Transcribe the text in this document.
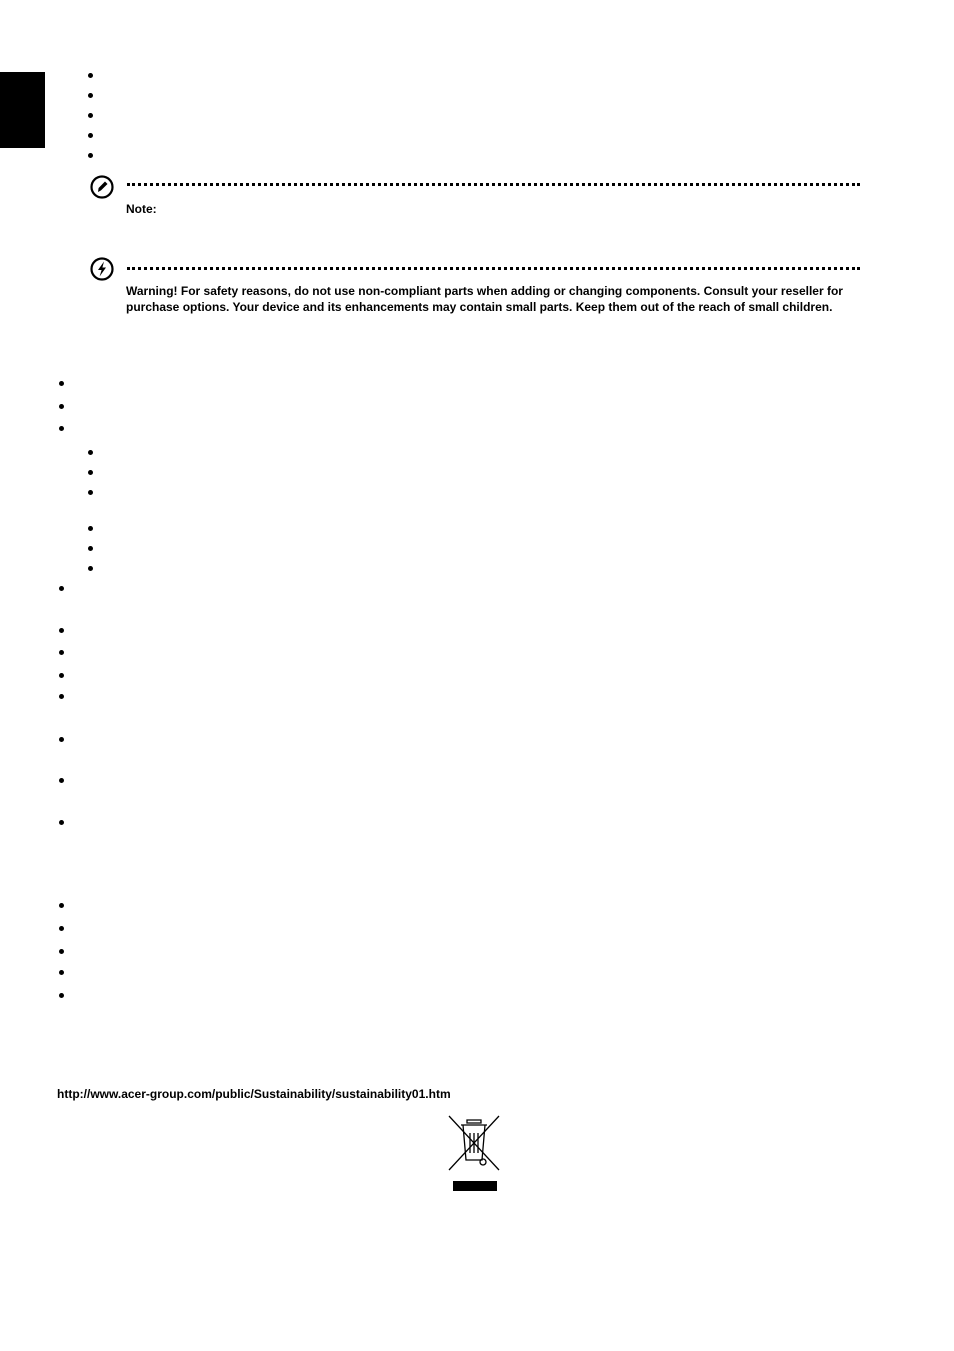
Note:
Warning! For safety reasons, do not use non-compliant parts when adding or changing components. Consult your reseller for purchase options. Your device and its enhancements may contain small parts. Keep them out of the reach of small children.
http://www.acer-group.com/public/Sustainability/sustainability01.htm
